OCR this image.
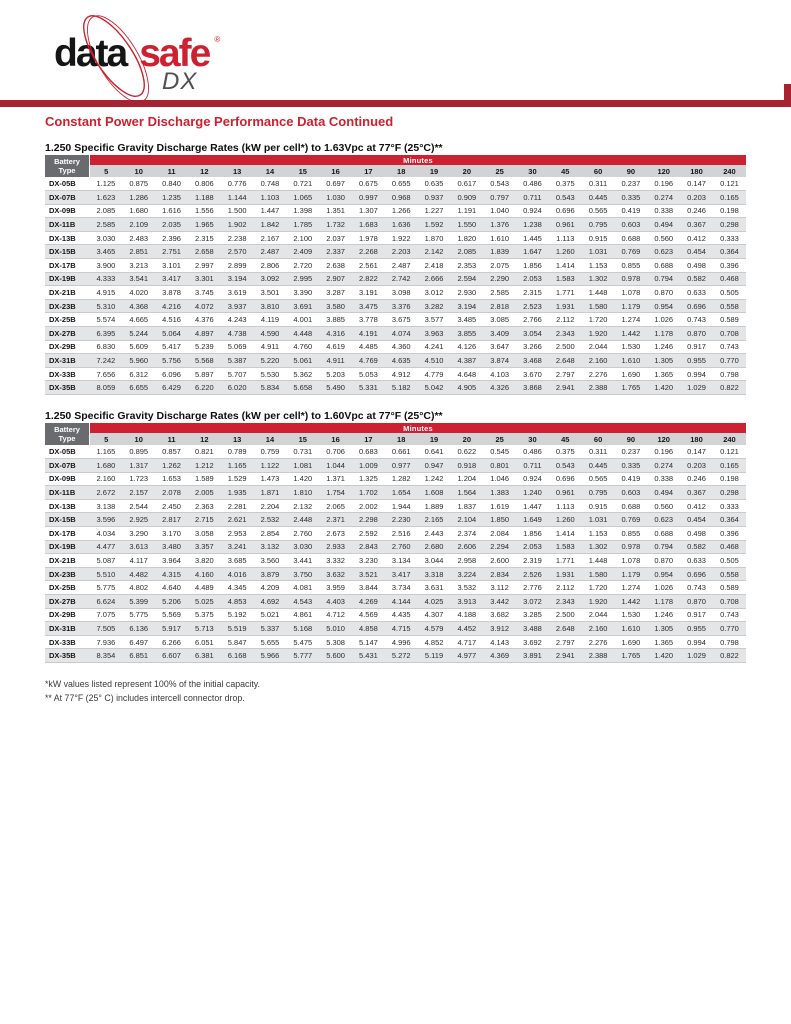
data safe ®
DX
Constant Power Discharge Performance Data Continued
1.250 Specific Gravity Discharge Rates (kW per cell*) to 1.63Vpc at 77°F (25°C)**
Battery
Type	Minutes																			
	5	10	11	12	13	14	15	16	17	18	19	20	25	30	45	60	90	120	180	240
DX-05B	1.125	0.875	0.840	0.806	0.776	0.748	0.721	0.697	0.675	0.655	0.635	0.617	0.543	0.486	0.375	0.311	0.237	0.196	0.147	0.121
DX-07B	1.623	1.286	1.235	1.188	1.144	1.103	1.065	1.030	0.997	0.968	0.937	0.909	0.797	0.711	0.543	0.445	0.335	0.274	0.203	0.165
DX-09B	2.085	1.680	1.616	1.556	1.500	1.447	1.398	1.351	1.307	1.266	1.227	1.191	1.040	0.924	0.696	0.565	0.419	0.338	0.246	0.198
DX-11B	2.585	2.109	2.035	1.965	1.902	1.842	1.785	1.732	1.683	1.636	1.592	1.550	1.376	1.238	0.961	0.795	0.603	0.494	0.367	0.298
DX-13B	3.030	2.483	2.396	2.315	2.238	2.167	2.100	2.037	1.978	1.922	1.870	1.820	1.610	1.445	1.113	0.915	0.688	0.560	0.412	0.333
DX-15B	3.465	2.851	2.751	2.658	2.570	2.487	2.409	2.337	2.268	2.203	2.142	2.085	1.839	1.647	1.260	1.031	0.769	0.623	0.454	0.364
DX-17B	3.900	3.213	3.101	2.997	2.899	2.806	2.720	2.638	2.561	2.487	2.418	2.353	2.075	1.856	1.414	1.153	0.855	0.688	0.498	0.396
DX-19B	4.333	3.541	3.417	3.301	3.194	3.092	2.995	2.907	2.822	2.742	2.666	2.594	2.290	2.053	1.583	1.302	0.978	0.794	0.582	0.468
DX-21B	4.915	4.020	3.878	3.745	3.619	3.501	3.390	3.287	3.191	3.098	3.012	2.930	2.585	2.315	1.771	1.448	1.078	0.870	0.633	0.505
DX-23B	5.310	4.368	4.216	4.072	3.937	3.810	3.691	3.580	3.475	3.376	3.282	3.194	2.818	2.523	1.931	1.580	1.179	0.954	0.696	0.558
DX-25B	5.574	4.665	4.516	4.376	4.243	4.119	4.001	3.885	3.778	3.675	3.577	3.485	3.085	2.766	2.112	1.720	1.274	1.026	0.743	0.589
DX-27B	6.395	5.244	5.064	4.897	4.738	4.590	4.448	4.316	4.191	4.074	3.963	3.855	3.409	3.054	2.343	1.920	1.442	1.178	0.870	0.708
DX-29B	6.830	5.609	5.417	5.239	5.069	4.911	4.760	4.619	4.485	4.360	4.241	4.126	3.647	3.266	2.500	2.044	1.530	1.246	0.917	0.743
DX-31B	7.242	5.960	5.756	5.568	5.387	5.220	5.061	4.911	4.769	4.635	4.510	4.387	3.874	3.468	2.648	2.160	1.610	1.305	0.955	0.770
DX-33B	7.656	6.312	6.096	5.897	5.707	5.530	5.362	5.203	5.053	4.912	4.779	4.648	4.103	3.670	2.797	2.276	1.690	1.365	0.994	0.798
DX-35B	8.059	6.655	6.429	6.220	6.020	5.834	5.658	5.490	5.331	5.182	5.042	4.905	4.326	3.868	2.941	2.388	1.765	1.420	1.029	0.822
1.250 Specific Gravity Discharge Rates (kW per cell*) to 1.60Vpc at 77°F (25°C)**
Battery
Type	Minutes																			
	5	10	11	12	13	14	15	16	17	18	19	20	25	30	45	60	90	120	180	240
DX-05B	1.165	0.895	0.857	0.821	0.789	0.759	0.731	0.706	0.683	0.661	0.641	0.622	0.545	0.486	0.375	0.311	0.237	0.196	0.147	0.121
DX-07B	1.680	1.317	1.262	1.212	1.165	1.122	1.081	1.044	1.009	0.977	0.947	0.918	0.801	0.711	0.543	0.445	0.335	0.274	0.203	0.165
DX-09B	2.160	1.723	1.653	1.589	1.529	1.473	1.420	1.371	1.325	1.282	1.242	1.204	1.046	0.924	0.696	0.565	0.419	0.338	0.246	0.198
DX-11B	2.672	2.157	2.078	2.005	1.935	1.871	1.810	1.754	1.702	1.654	1.608	1.564	1.383	1.240	0.961	0.795	0.603	0.494	0.367	0.298
DX-13B	3.138	2.544	2.450	2.363	2.281	2.204	2.132	2.065	2.002	1.944	1.889	1.837	1.619	1.447	1.113	0.915	0.688	0.560	0.412	0.333
DX-15B	3.596	2.925	2.817	2.715	2.621	2.532	2.448	2.371	2.298	2.230	2.165	2.104	1.850	1.649	1.260	1.031	0.769	0.623	0.454	0.364
DX-17B	4.034	3.290	3.170	3.058	2.953	2.854	2.760	2.673	2.592	2.516	2.443	2.374	2.084	1.856	1.414	1.153	0.855	0.688	0.498	0.396
DX-19B	4.477	3.613	3.480	3.357	3.241	3.132	3.030	2.933	2.843	2.760	2.680	2.606	2.294	2.053	1.583	1.302	0.978	0.794	0.582	0.468
DX-21B	5.087	4.117	3.964	3.820	3.685	3.560	3.441	3.332	3.230	3.134	3.044	2.958	2.600	2.319	1.771	1.448	1.078	0.870	0.633	0.505
DX-23B	5.510	4.482	4.315	4.160	4.016	3.879	3.750	3.632	3.521	3.417	3.318	3.224	2.834	2.526	1.931	1.580	1.179	0.954	0.696	0.558
DX-25B	5.775	4.802	4.640	4.489	4.345	4.209	4.081	3.959	3.844	3.734	3.631	3.532	3.112	2.776	2.112	1.720	1.274	1.026	0.743	0.589
DX-27B	6.624	5.399	5.206	5.025	4.853	4.692	4.543	4.403	4.269	4.144	4.025	3.913	3.442	3.072	2.343	1.920	1.442	1.178	0.870	0.708
DX-29B	7.075	5.775	5.569	5.375	5.192	5.021	4.861	4.712	4.569	4.435	4.307	4.188	3.682	3.285	2.500	2.044	1.530	1.246	0.917	0.743
DX-31B	7.505	6.136	5.917	5.713	5.519	5.337	5.168	5.010	4.858	4.715	4.579	4.452	3.912	3.488	2.648	2.160	1.610	1.305	0.955	0.770
DX-33B	7.936	6.497	6.266	6.051	5.847	5.655	5.475	5.308	5.147	4.996	4.852	4.717	4.143	3.692	2.797	2.276	1.690	1.365	0.994	0.798
DX-35B	8.354	6.851	6.607	6.381	6.168	5.966	5.777	5.600	5.431	5.272	5.119	4.977	4.369	3.891	2.941	2.388	1.765	1.420	1.029	0.822

*kW values listed represent 100% of the initial capacity.

** At 77°F (25° C) includes intercell connector drop.
